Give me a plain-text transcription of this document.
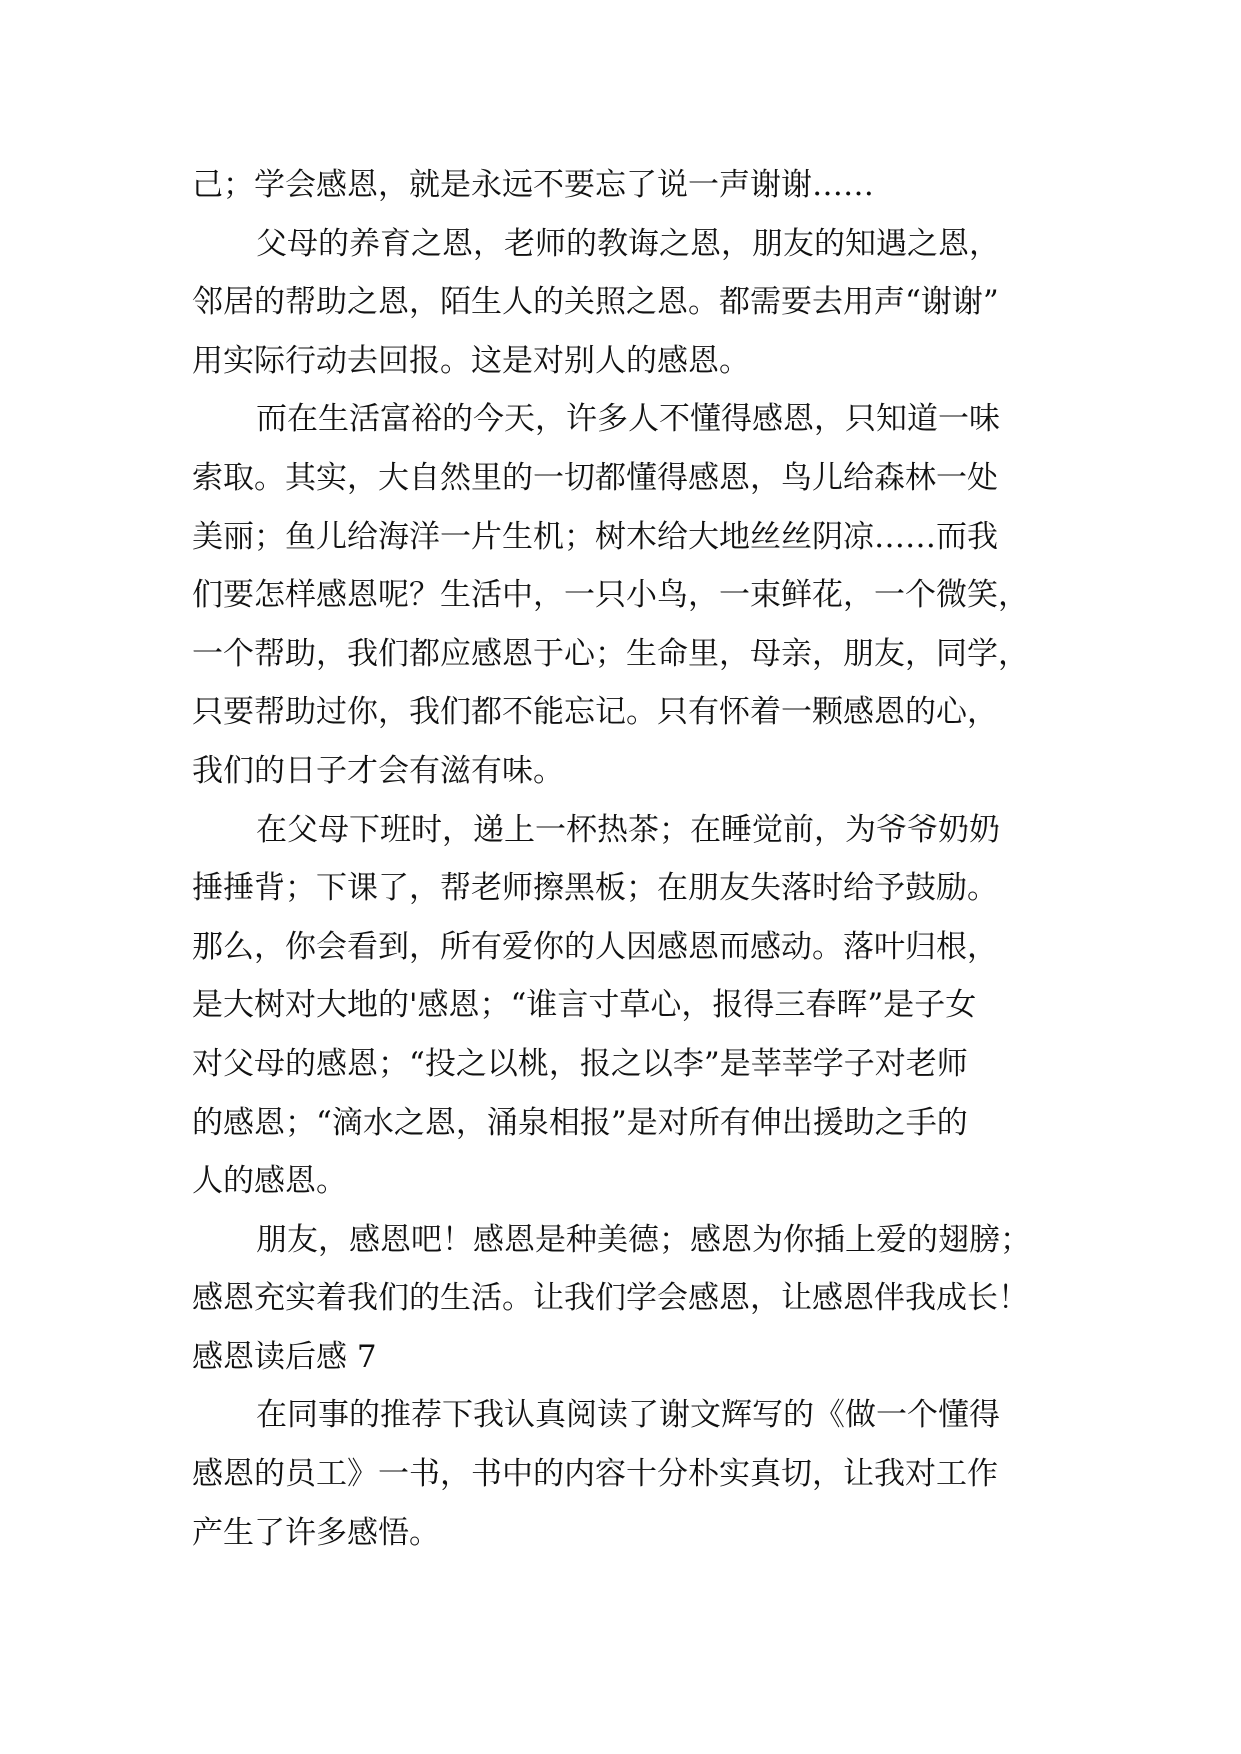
己；学会感恩，就是永远不要忘了说一声谢谢……
父母的养育之恩，老师的教诲之恩，朋友的知遇之恩，
邻居的帮助之恩，陌生人的关照之恩。都需要去用声“谢谢”
用实际行动去回报。这是对别人的感恩。
而在生活富裕的今天，许多人不懂得感恩，只知道一味
索取。其实，大自然里的一切都懂得感恩，鸟儿给森林一处
美丽；鱼儿给海洋一片生机；树木给大地丝丝阴凉……而我
们要怎样感恩呢？生活中，一只小鸟，一束鲜花，一个微笑，
一个帮助，我们都应感恩于心；生命里，母亲，朋友，同学，
只要帮助过你，我们都不能忘记。只有怀着一颗感恩的心，
我们的日子才会有滋有味。
在父母下班时，递上一杯热茶；在睡觉前，为爷爷奶奶
捶捶背；下课了，帮老师擦黑板；在朋友失落时给予鼓励。
那么，你会看到，所有爱你的人因感恩而感动。落叶归根，
是大树对大地的'感恩；“谁言寸草心，报得三春晖”是子女
对父母的感恩；“投之以桃，报之以李”是莘莘学子对老师
的感恩；“滴水之恩，涌泉相报”是对所有伸出援助之手的
人的感恩。
朋友，感恩吧！感恩是种美德；感恩为你插上爱的翅膀；
感恩充实着我们的生活。让我们学会感恩，让感恩伴我成长！
感恩读后感 7
在同事的推荐下我认真阅读了谢文辉写的《做一个懂得
感恩的员工》一书，书中的内容十分朴实真切，让我对工作
产生了许多感悟。
